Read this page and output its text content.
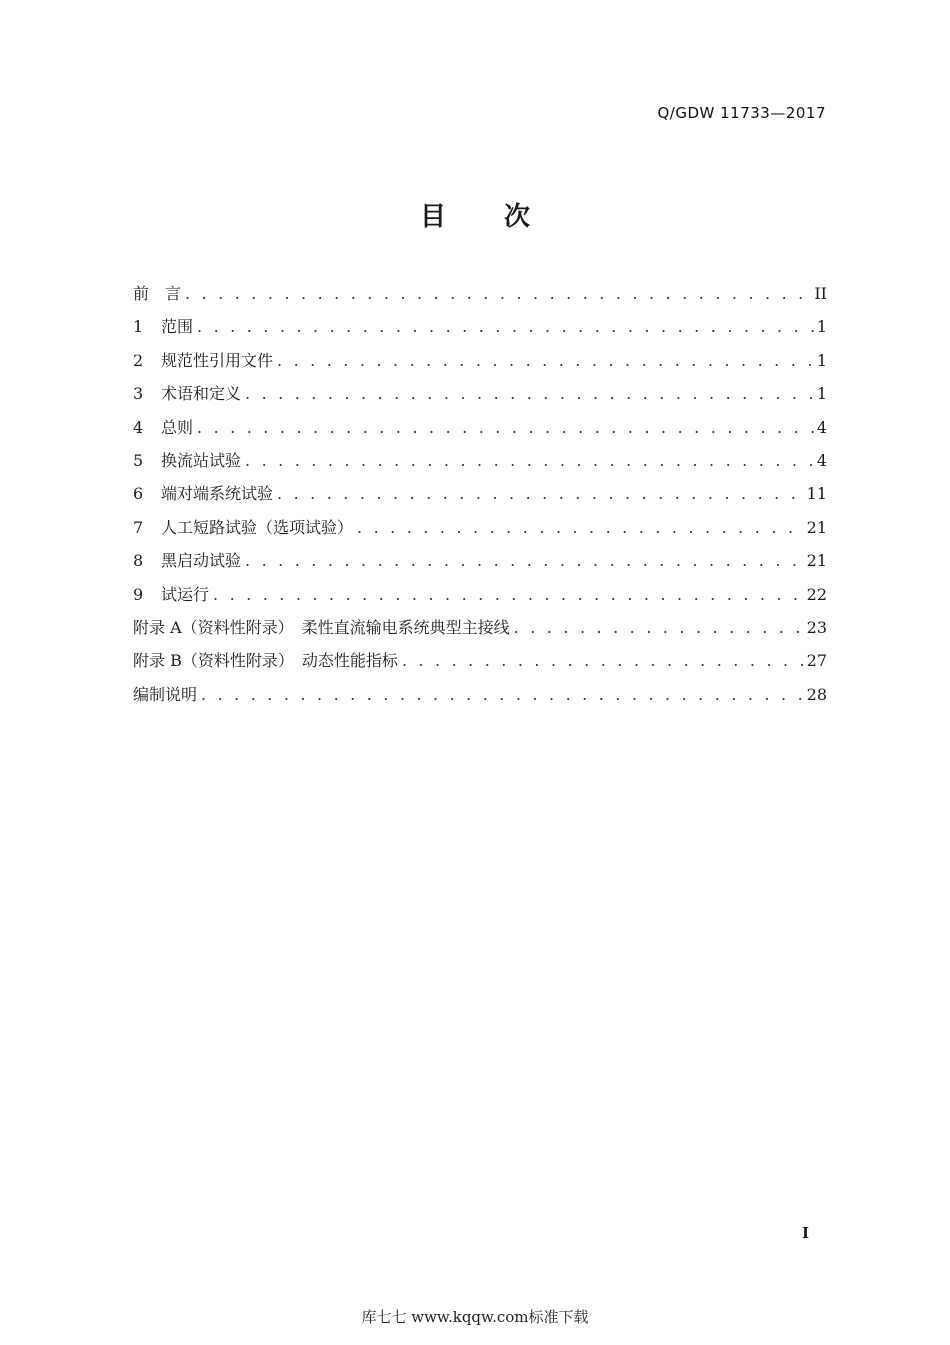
Q/GDW 11733—2017
目 次
前　言 . . .	II
1	范围 . . .	1
2	规范性引用文件 . . .	1
3	术语和定义 . . .	1
4	总则 . . .	4
5	换流站试验 . . .	4
6	端对端系统试验 . . .	11
7	人工短路试验（选项试验） . . .	21
8	黑启动试验 . . .	21
9	试运行 . . .	22
附录 A（资料性附录）　柔性直流输电系统典型主接线 . . .	23
附录 B（资料性附录）　动态性能指标 . . .	27
编制说明 . . .	28
I
库七七 www.kqqw.com标准下载
